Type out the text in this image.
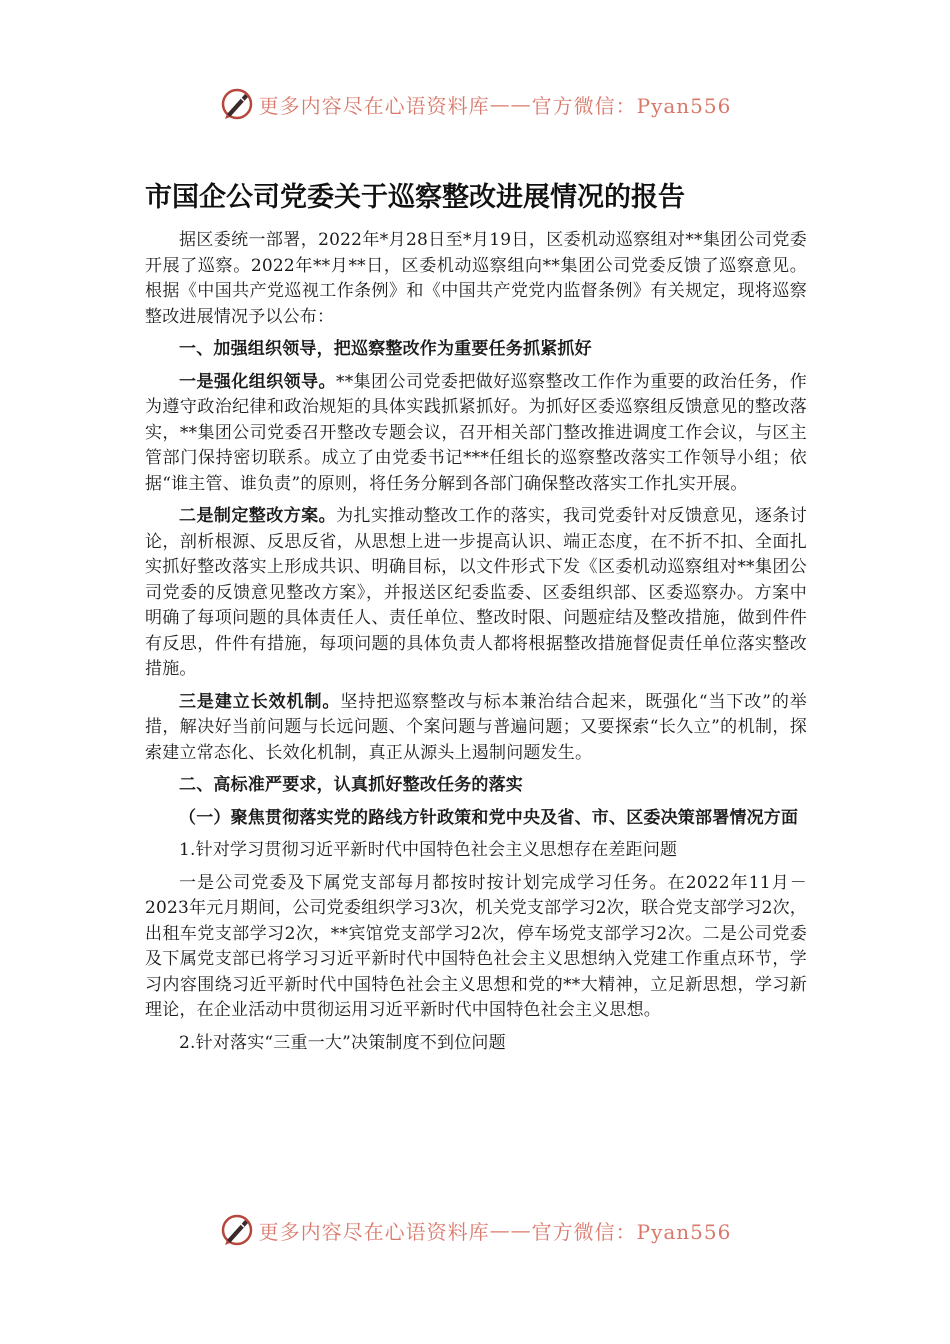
更多内容尽在心语资料库 —— 官方微信：Pyan556
市国企公司党委关于巡察整改进展情况的报告

据区委统一部署，2022年*月28日至*月19日，区委机动巡察组对**集团公司党委开展了巡察。2022年**月**日，区委机动巡察组向**集团公司党委反馈了巡察意见。根据《中国共产党巡视工作条例》和《中国共产党党内监督条例》有关规定，现将巡察整改进展情况予以公布：

一、加强组织领导，把巡察整改作为重要任务抓紧抓好

一是强化组织领导。**集团公司党委把做好巡察整改工作作为重要的政治任务，作为遵守政治纪律和政治规矩的具体实践抓紧抓好。为抓好区委巡察组反馈意见的整改落实，**集团公司党委召开整改专题会议，召开相关部门整改推进调度工作会议，与区主管部门保持密切联系。成立了由党委书记***任组长的巡察整改落实工作领导小组；依据“谁主管、谁负责”的原则，将任务分解到各部门确保整改落实工作扎实开展。

二是制定整改方案。为扎实推动整改工作的落实，我司党委针对反馈意见，逐条讨论，剖析根源、反思反省，从思想上进一步提高认识、端正态度，在不折不扣、全面扎实抓好整改落实上形成共识、明确目标，以文件形式下发《区委机动巡察组对**集团公司党委的反馈意见整改方案》，并报送区纪委监委、区委组织部、区委巡察办。方案中明确了每项问题的具体责任人、责任单位、整改时限、问题症结及整改措施，做到件件有反思，件件有措施，每项问题的具体负责人都将根据整改措施督促责任单位落实整改措施。

三是建立长效机制。坚持把巡察整改与标本兼治结合起来，既强化“当下改”的举措，解决好当前问题与长远问题、个案问题与普遍问题；又要探索“长久立”的机制，探索建立常态化、长效化机制，真正从源头上遏制问题发生。

二、高标准严要求，认真抓好整改任务的落实

（一）聚焦贯彻落实党的路线方针政策和党中央及省、市、区委决策部署情况方面

1.针对学习贯彻习近平新时代中国特色社会主义思想存在差距问题

一是公司党委及下属党支部每月都按时按计划完成学习任务。在2022年11月－2023年元月期间，公司党委组织学习3次，机关党支部学习2次，联合党支部学习2次，出租车党支部学习2次，**宾馆党支部学习2次，停车场党支部学习2次。二是公司党委及下属党支部已将学习习近平新时代中国特色社会主义思想纳入党建工作重点环节，学习内容围绕习近平新时代中国特色社会主义思想和党的**大精神，立足新思想，学习新理论，在企业活动中贯彻运用习近平新时代中国特色社会主义思想。

2.针对落实“三重一大”决策制度不到位问题

更多内容尽在心语资料库 —— 官方微信：Pyan556
